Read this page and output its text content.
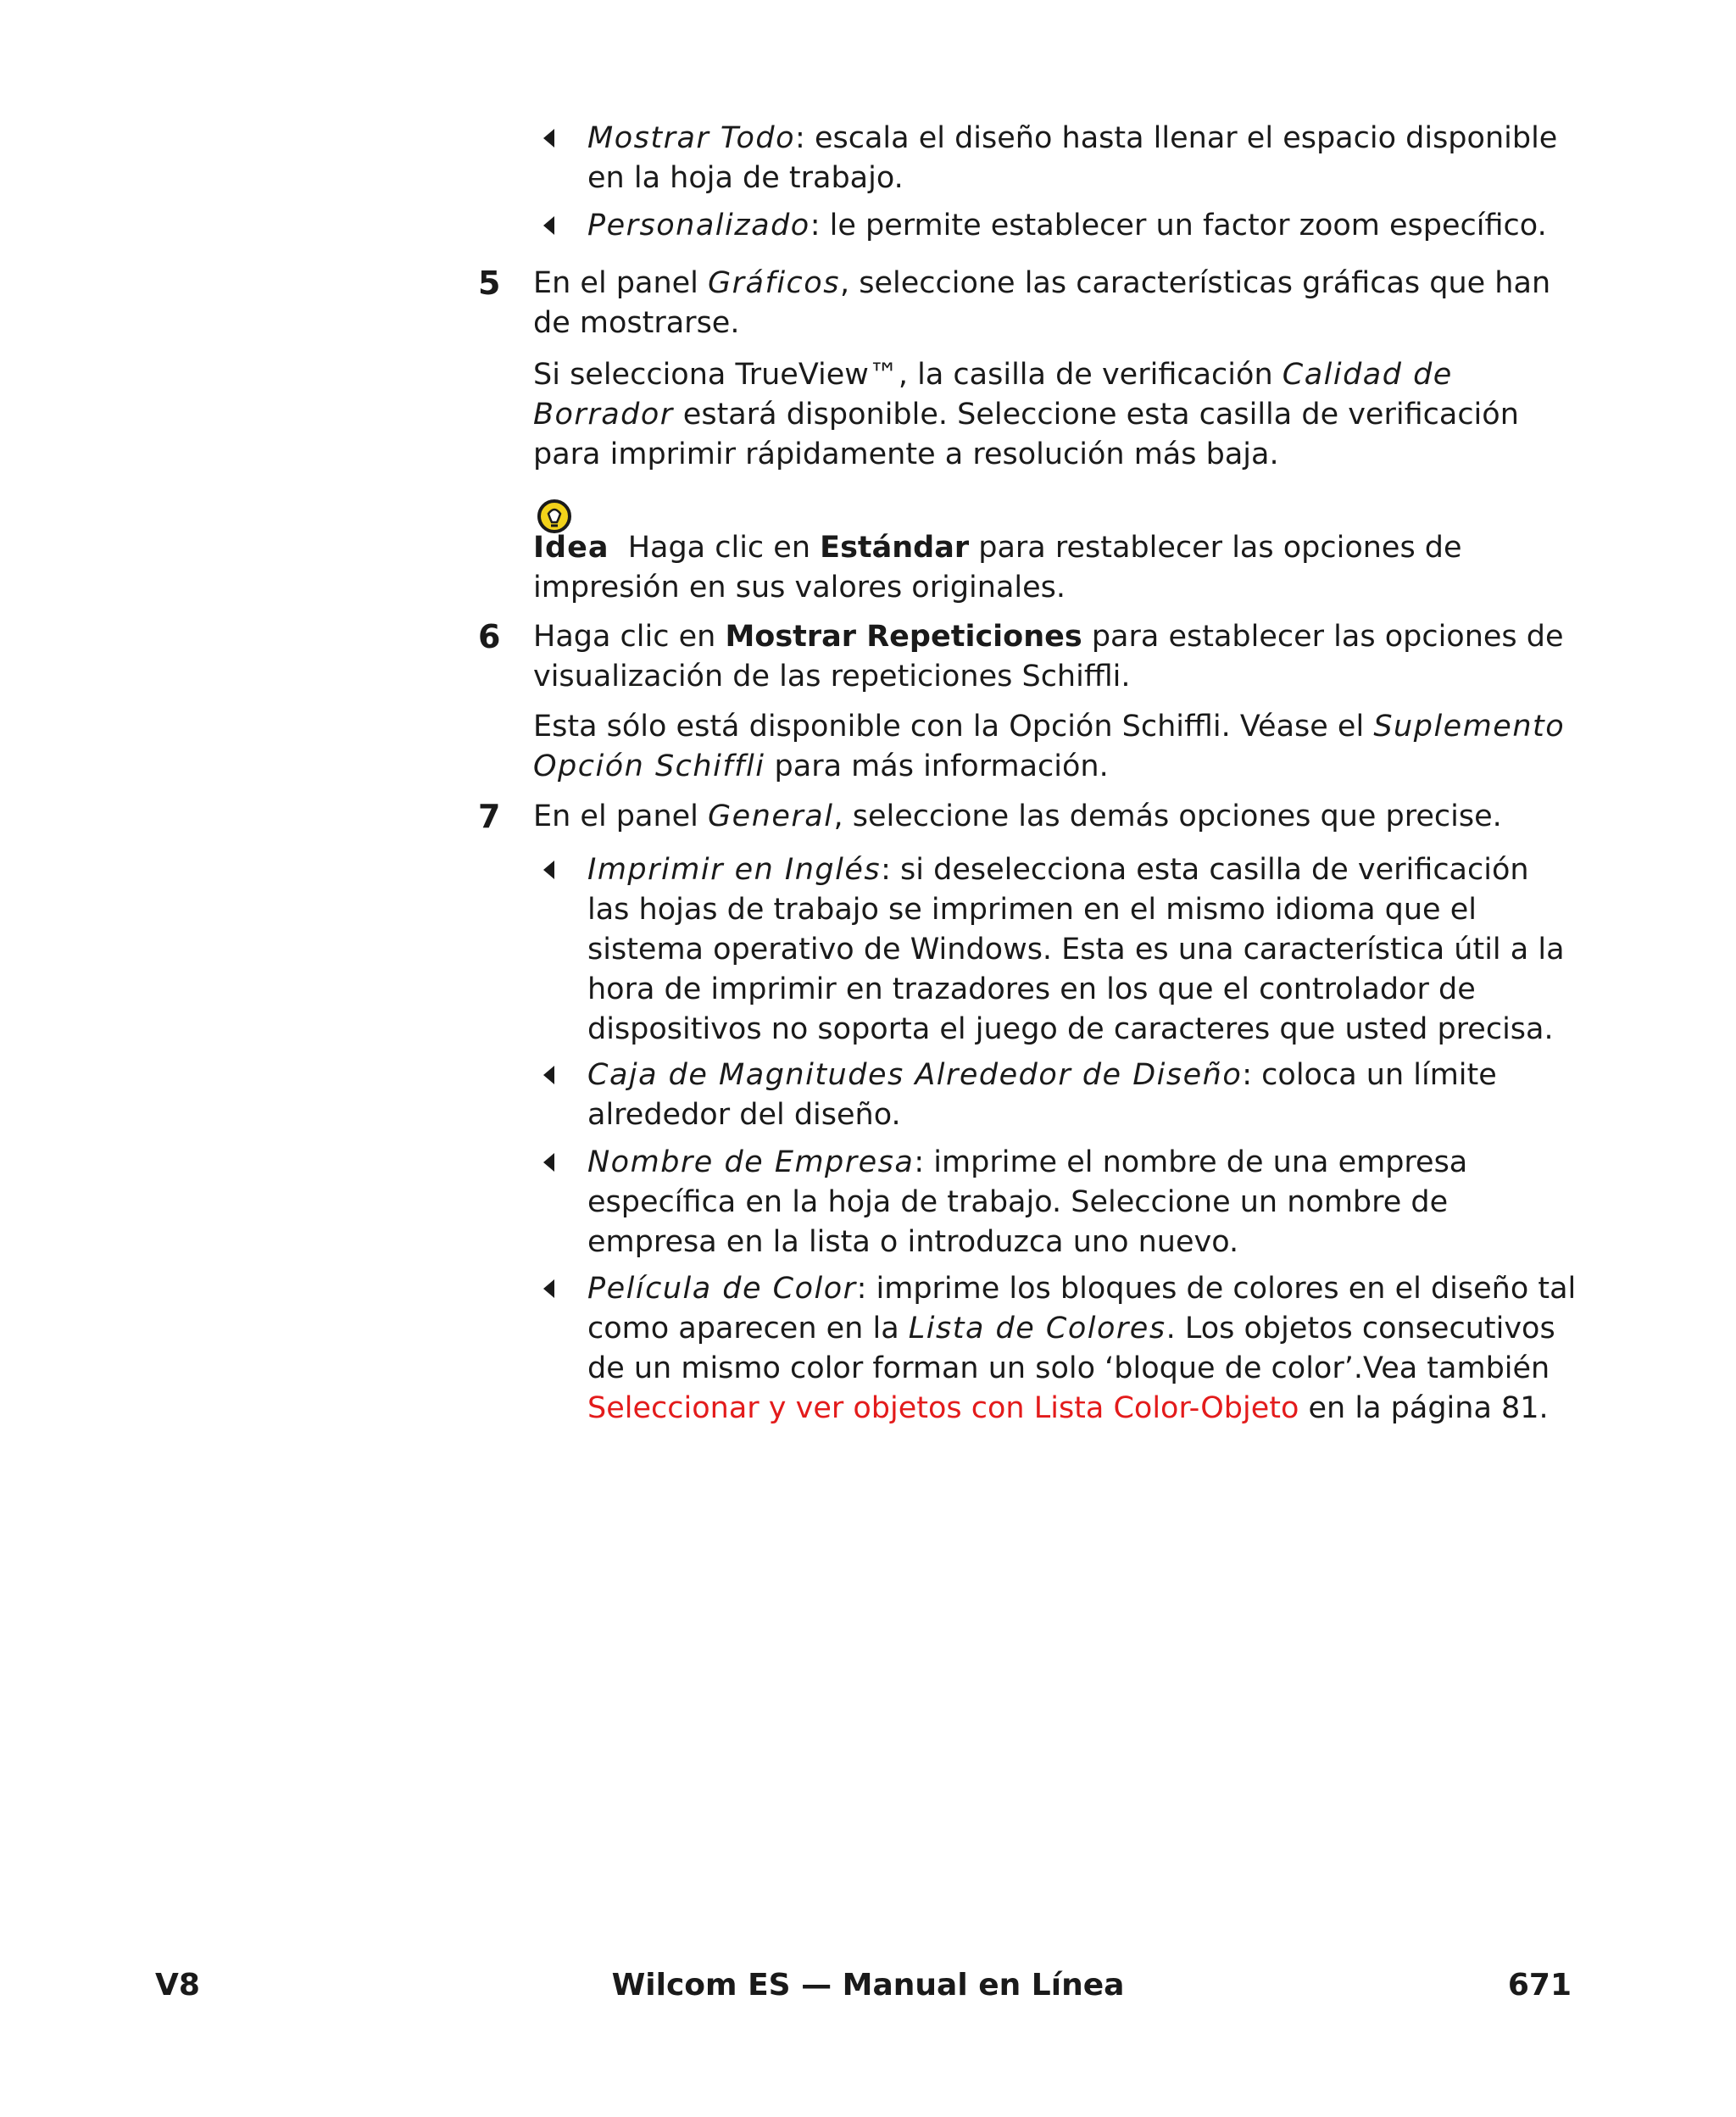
Mostrar Todo: escala el diseño hasta llenar el espacio disponible en la hoja de trabajo.

Personalizado: le permite establecer un factor zoom específico.

5 En el panel Gráficos, seleccione las características gráficas que han de mostrarse.

Si selecciona TrueView™, la casilla de verificación Calidad de Borrador estará disponible. Seleccione esta casilla de verificación para imprimir rápidamente a resolución más baja.

Idea  Haga clic en Estándar para restablecer las opciones de impresión en sus valores originales.

6 Haga clic en Mostrar Repeticiones para establecer las opciones de visualización de las repeticiones Schiffli.

Esta sólo está disponible con la Opción Schiffli. Véase el Suplemento Opción Schiffli para más información.

7 En el panel General, seleccione las demás opciones que precise.

Imprimir en Inglés: si deselecciona esta casilla de verificación las hojas de trabajo se imprimen en el mismo idioma que el sistema operativo de Windows. Esta es una característica útil a la hora de imprimir en trazadores en los que el controlador de dispositivos no soporta el juego de caracteres que usted precisa.

Caja de Magnitudes Alrededor de Diseño: coloca un límite alrededor del diseño.

Nombre de Empresa: imprime el nombre de una empresa específica en la hoja de trabajo. Seleccione un nombre de empresa en la lista o introduzca uno nuevo.

Película de Color: imprime los bloques de colores en el diseño tal como aparecen en la Lista de Colores. Los objetos consecutivos de un mismo color forman un solo ‘bloque de color’.Vea también Seleccionar y ver objetos con Lista Color-Objeto en la página 81.

V8	Wilcom ES — Manual en Línea	671
